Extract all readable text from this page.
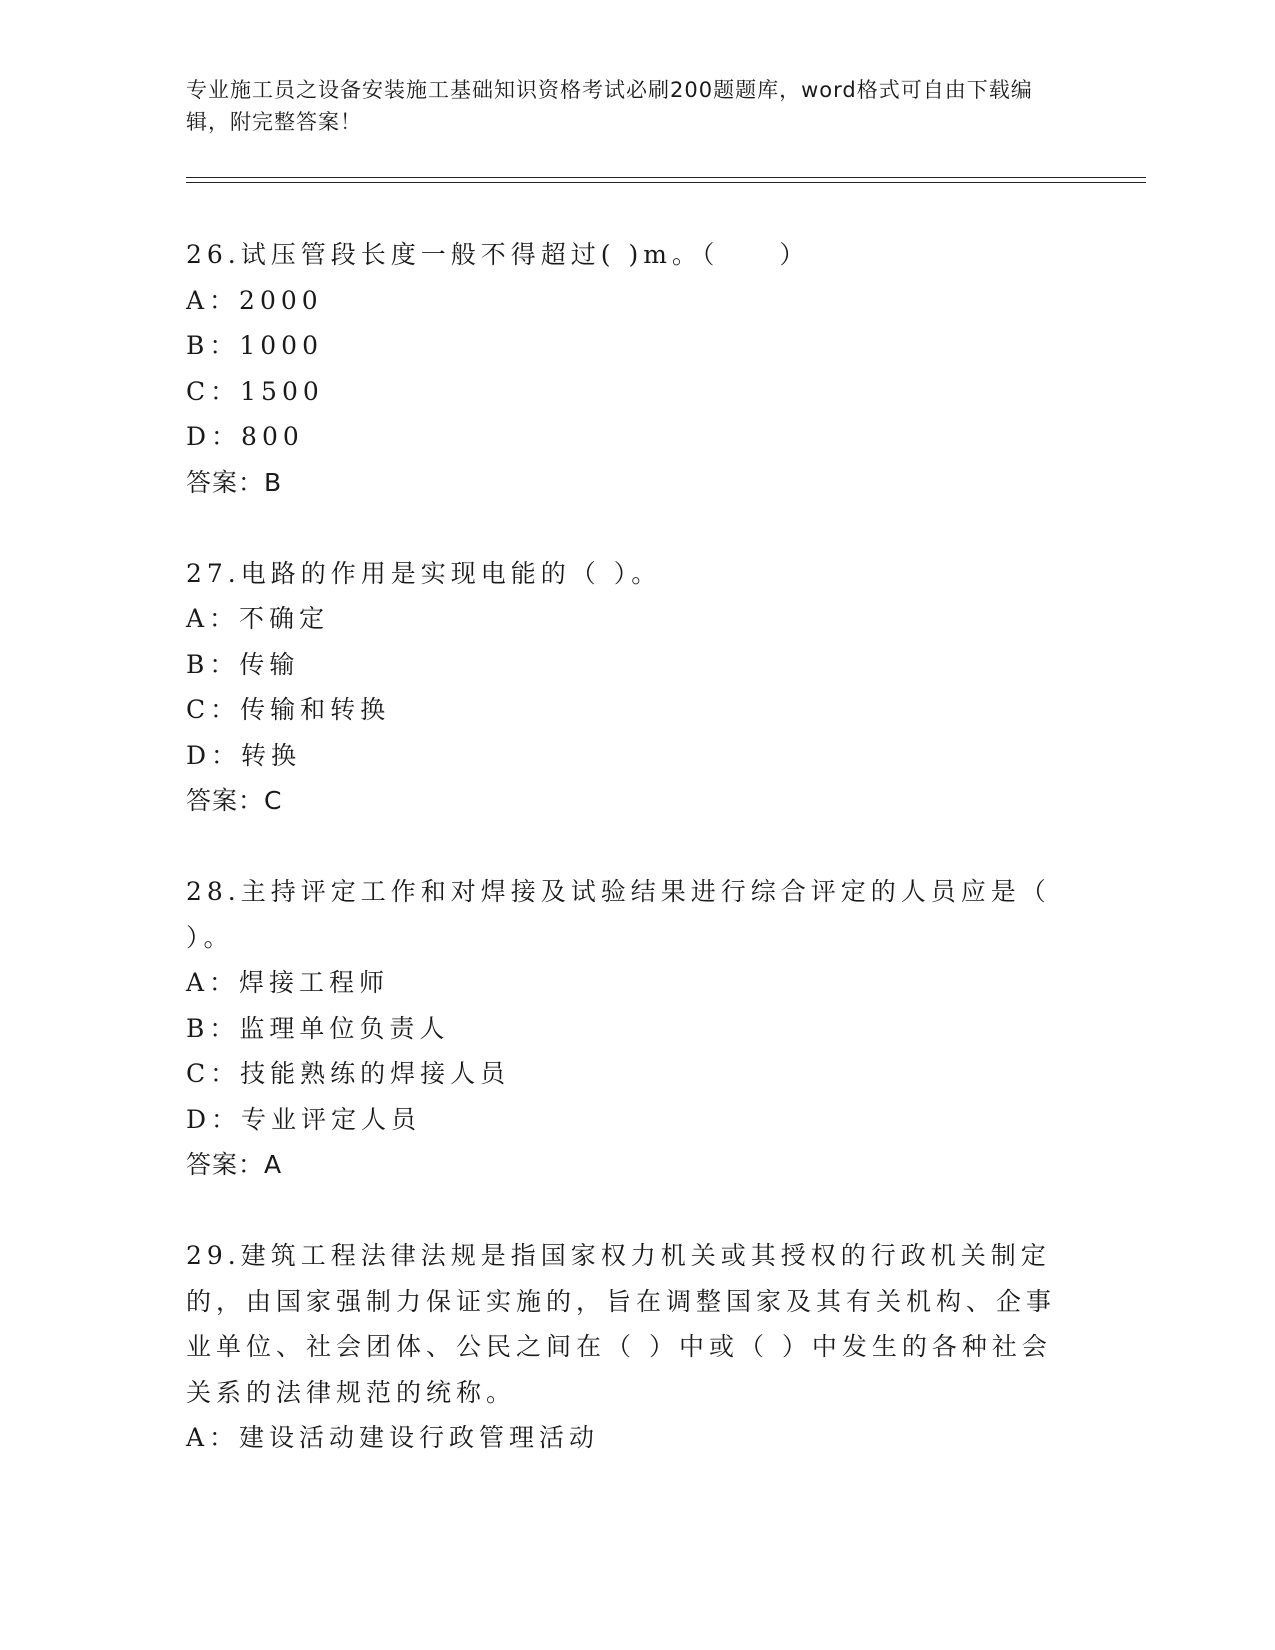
专业施工员之设备安装施工基础知识资格考试必刷200题题库，word格式可自由下载编辑，附完整答案！
26.试压管段长度一般不得超过( )m。（　　）
A：2000
B：1000
C：1500
D：800
答案：B
27.电路的作用是实现电能的（ ）。
A：不确定
B：传输
C：传输和转换
D：转换
答案：C
28.主持评定工作和对焊接及试验结果进行综合评定的人员应是（ ）。
A：焊接工程师
B：监理单位负责人
C：技能熟练的焊接人员
D：专业评定人员
答案：A
29.建筑工程法律法规是指国家权力机关或其授权的行政机关制定的，由国家强制力保证实施的，旨在调整国家及其有关机构、企事业单位、社会团体、公民之间在（ ）中或（ ）中发生的各种社会关系的法律规范的统称。
A：建设活动建设行政管理活动
